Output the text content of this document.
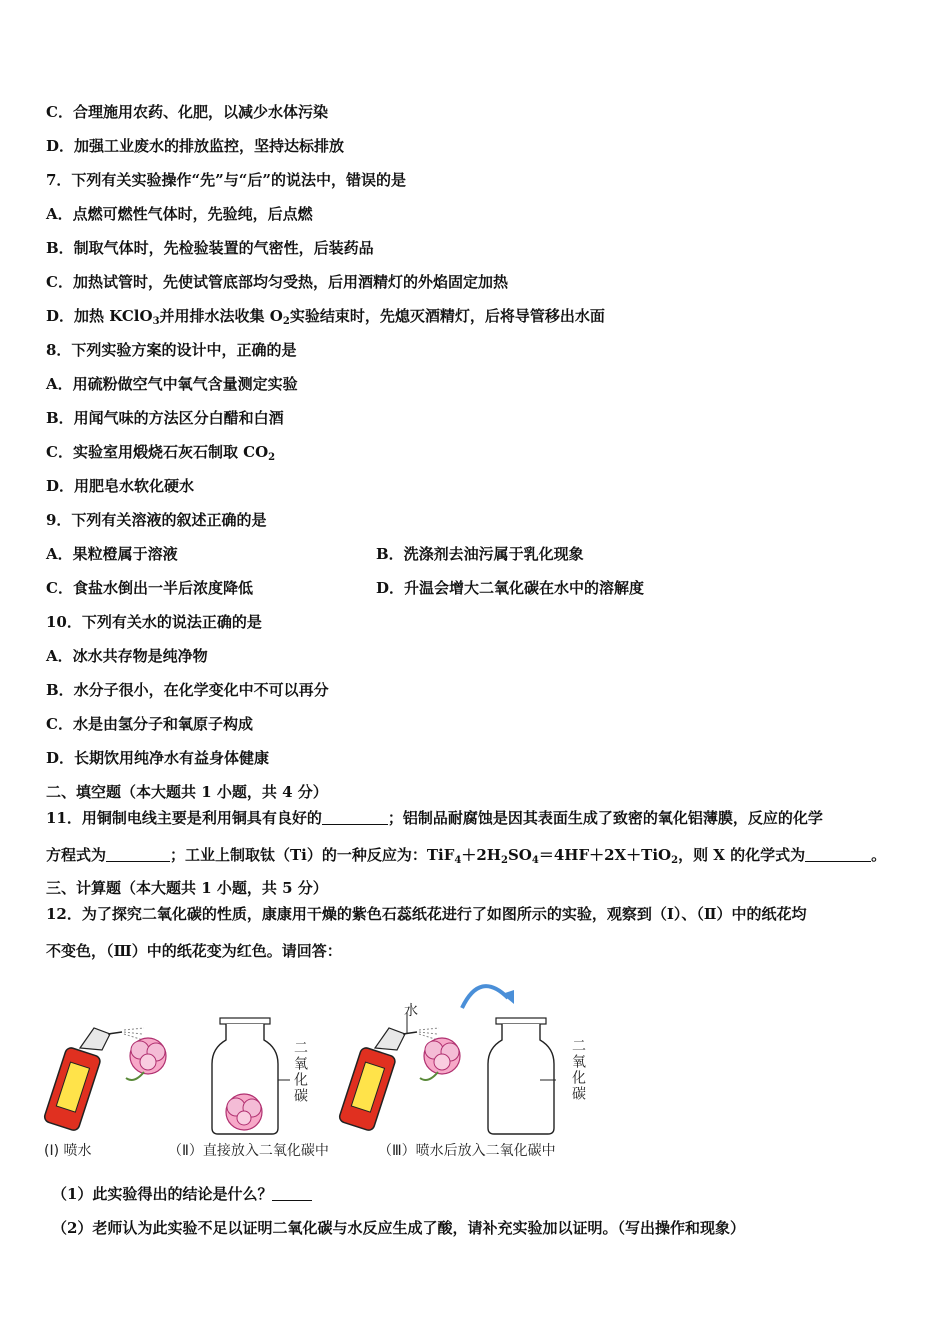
C．合理施用农药、化肥，以减少水体污染
D．加强工业废水的排放监控，坚持达标排放
7．下列有关实验操作“先”与“后”的说法中，错误的是
A．点燃可燃性气体时，先验纯，后点燃
B．制取气体时，先检验装置的气密性，后装药品
C．加热试管时，先使试管底部均匀受热，后用酒精灯的外焰固定加热
D．加热 KClO$_3$并用排水法收集 $O_2$实验结束时，先熄灭酒精灯，后将导管移出水面
8．下列实验方案的设计中，正确的是
A．用硫粉做空气中氧气含量测定实验
B．用闻气味的方法区分白醋和白酒
C．实验室用煅烧石灰石制取 $CO_2$
D．用肥皂水软化硬水
9．下列有关溶液的叙述正确的是
A．果粒橙属于溶液	B．洗涤剂去油污属于乳化现象
C．食盐水倒出一半后浓度降低	D．升温会增大二氧化碳在水中的溶解度
10．下列有关水的说法正确的是
A．冰水共存物是纯净物
B．水分子很小，在化学变化中不可以再分
C．水是由氢分子和氧原子构成
D．长期饮用纯净水有益身体健康
二、填空题（本大题共 1 小题，共 4 分）
11．用铜制电线主要是利用铜具有良好的	；铝制品耐腐蚀是因其表面生成了致密的氧化铝薄膜，反应的化学
方程式为	；工业上制取钛（Ti）的一种反应为：$TiF_4+2H_2SO_4=4HF+2X+TiO_2$，则 X 的化学式为	。
三、计算题（本大题共 1 小题，共 5 分）
12．为了探究二氧化碳的性质，康康用干燥的紫色石蕊纸花进行了如图所示的实验，观察到（I）、（Ⅱ）中的纸花均
不变色，（Ⅲ）中的纸花变为红色。请回答：
二氧化碳	二氧化碳
水
(I) 喷水	（Ⅱ）直接放入二氧化碳中	（Ⅲ）喷水后放入二氧化碳中
（1）此实验得出的结论是什么？
（2）老师认为此实验不足以证明二氧化碳与水反应生成了酸，请补充实验加以证明。（写出操作和现象）
